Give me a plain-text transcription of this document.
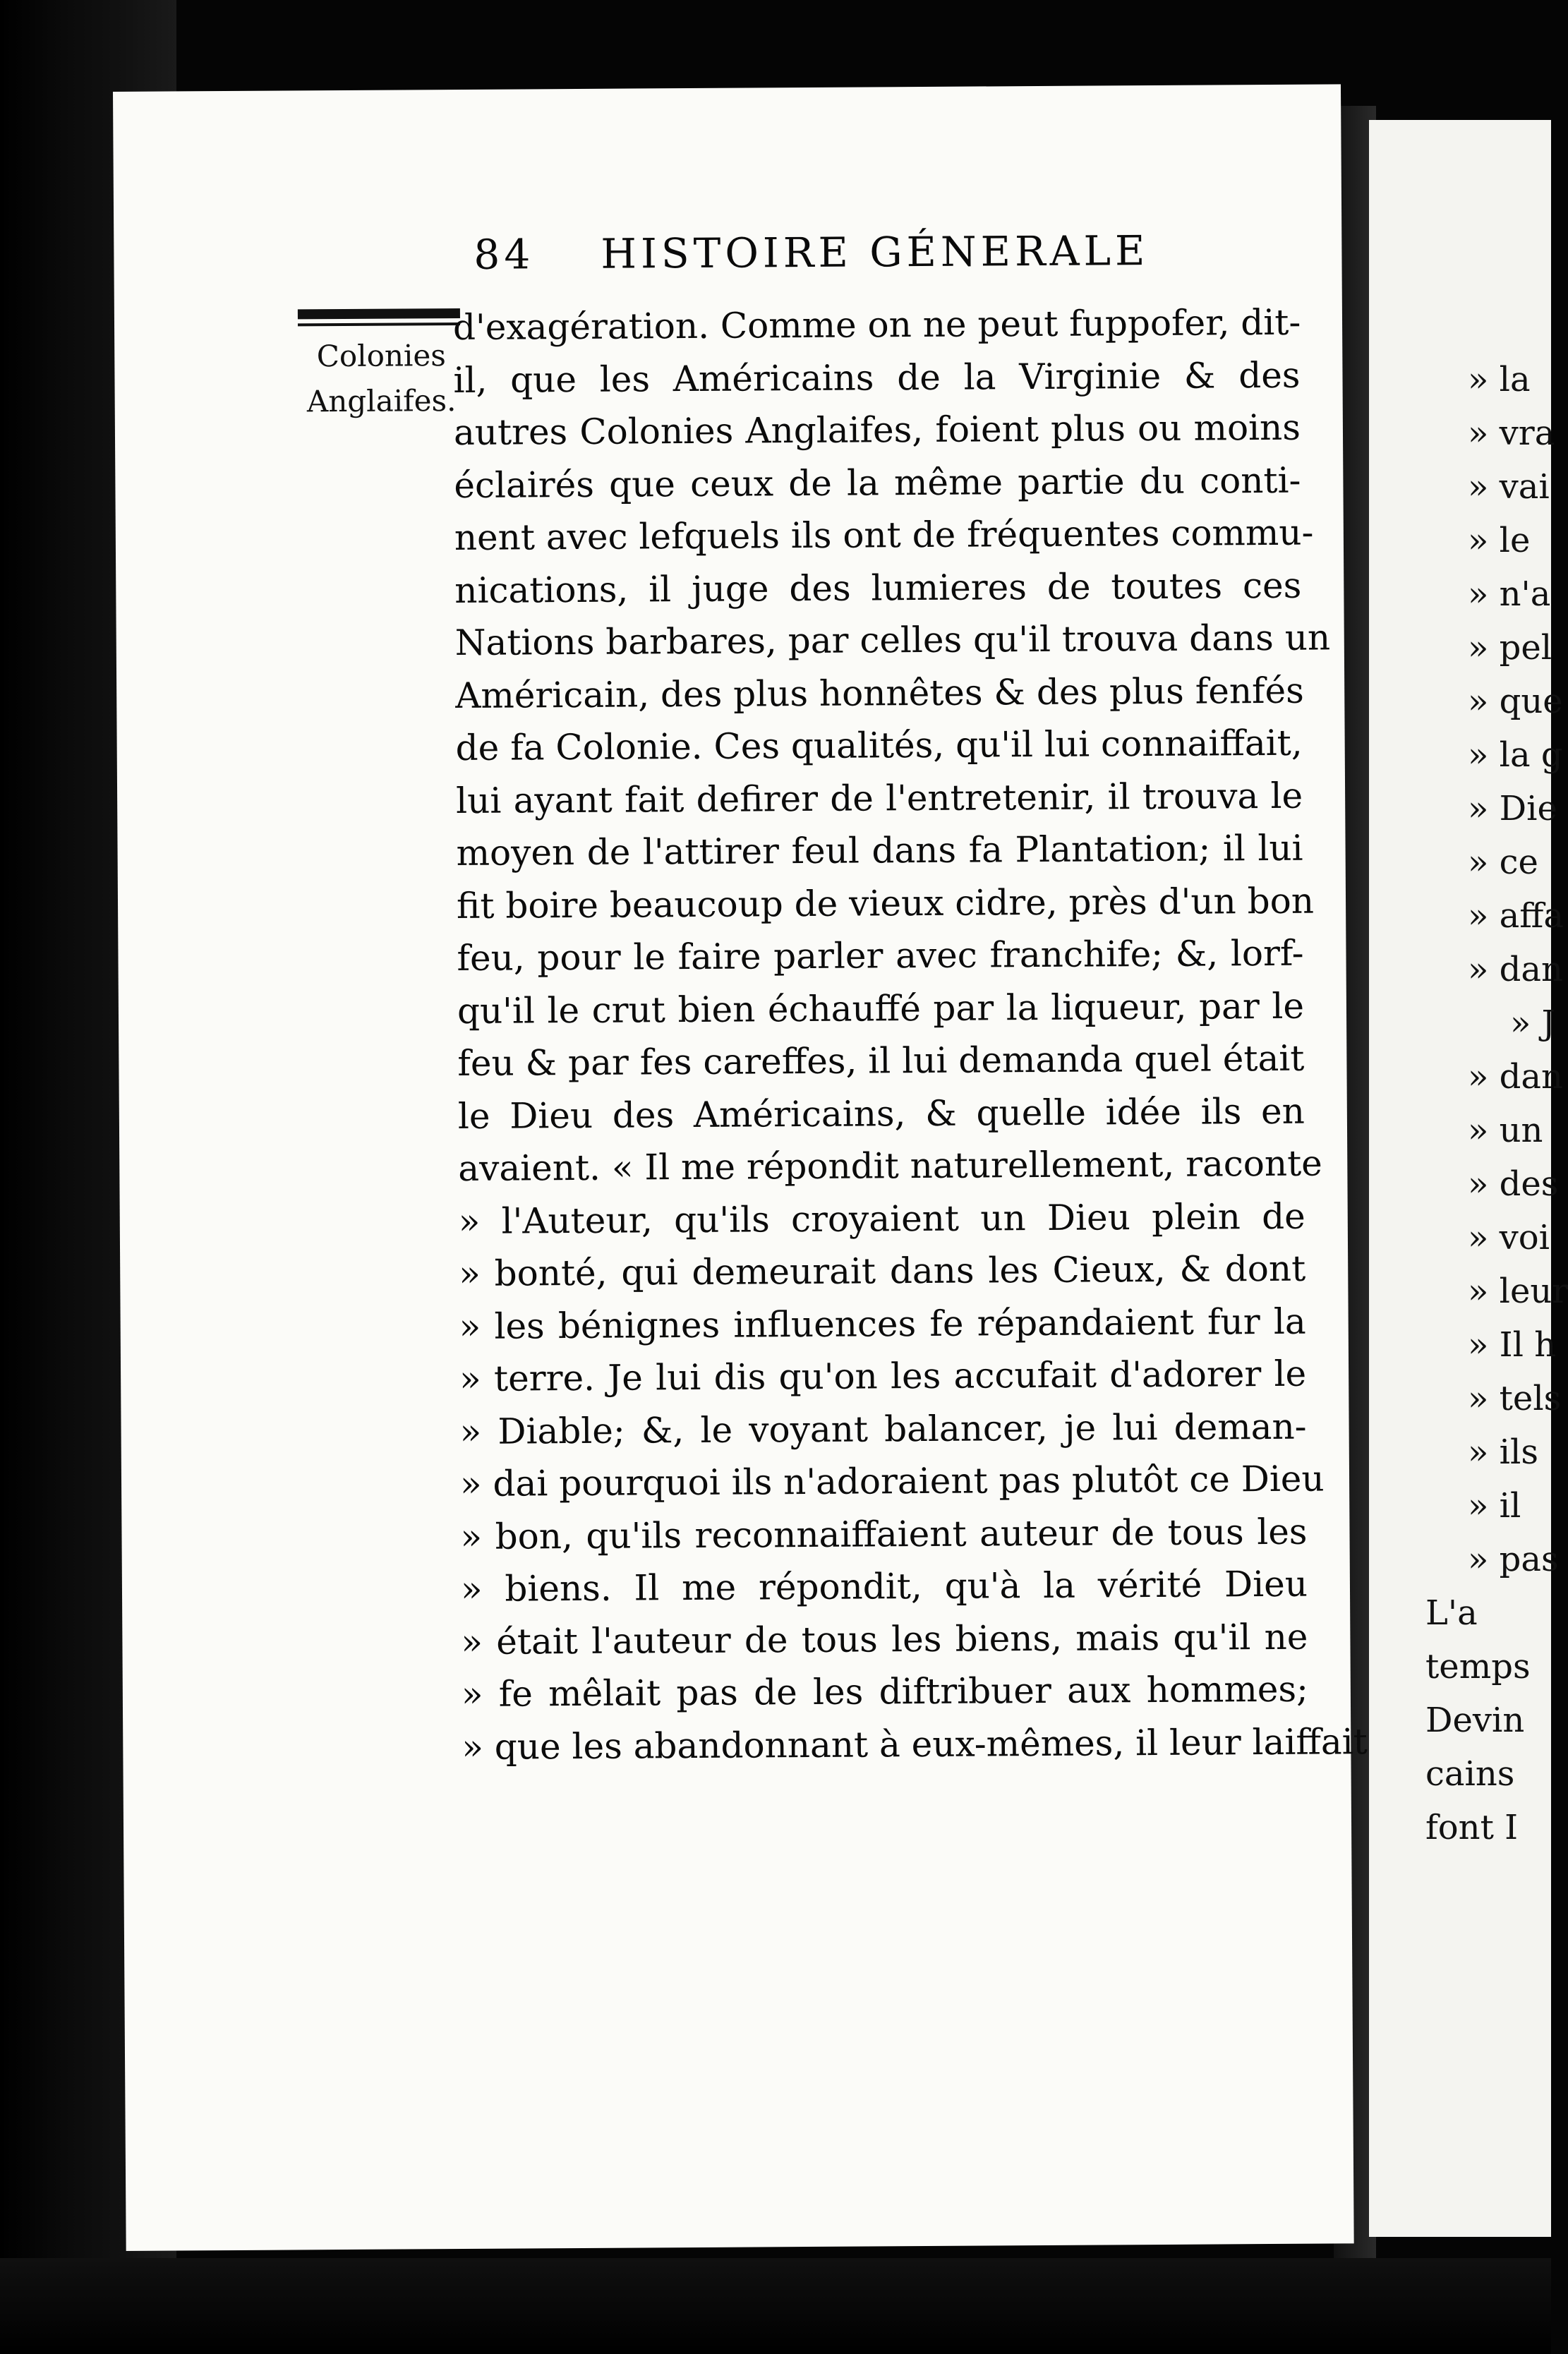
» la
» vra
» vai
» le
» n'a
» pel
» que
» la g
» Die
» ce
» affa
» dan
» J
» dan
» un
» des
» voi
» leur
» Il h
» tels
» ils
» il
» pas
L'a
temps
Devin
cains
font I
84 HISTOIRE GÉNERALE
Colonies
Anglaifes.
d'exagération. Comme on ne peut fuppofer, dit-
il, que les Américains de la Virginie & des
autres Colonies Anglaifes, foient plus ou moins
éclairés que ceux de la même partie du conti-
nent avec lefquels ils ont de fréquentes commu-
nications, il juge des lumieres de toutes ces
Nations barbares, par celles qu'il trouva dans un
Américain, des plus honnêtes & des plus fenfés
de fa Colonie. Ces qualités, qu'il lui connaiffait,
lui ayant fait defirer de l'entretenir, il trouva le
moyen de l'attirer feul dans fa Plantation; il lui
fit boire beaucoup de vieux cidre, près d'un bon
feu, pour le faire parler avec franchife; &, lorf-
qu'il le crut bien échauffé par la liqueur, par le
feu & par fes careffes, il lui demanda quel était
le Dieu des Américains, & quelle idée ils en
avaient. « Il me répondit naturellement, raconte
» l'Auteur, qu'ils croyaient un Dieu plein de
» bonté, qui demeurait dans les Cieux, & dont
» les bénignes influences fe répandaient fur la
» terre. Je lui dis qu'on les accufait d'adorer le
» Diable; &, le voyant balancer, je lui deman-
» dai pourquoi ils n'adoraient pas plutôt ce Dieu
» bon, qu'ils reconnaiffaient auteur de tous les
» biens. Il me répondit, qu'à la vérité Dieu
» était l'auteur de tous les biens, mais qu'il ne
» fe mêlait pas de les diftribuer aux hommes;
» que les abandonnant à eux-mêmes, il leur laiffait
